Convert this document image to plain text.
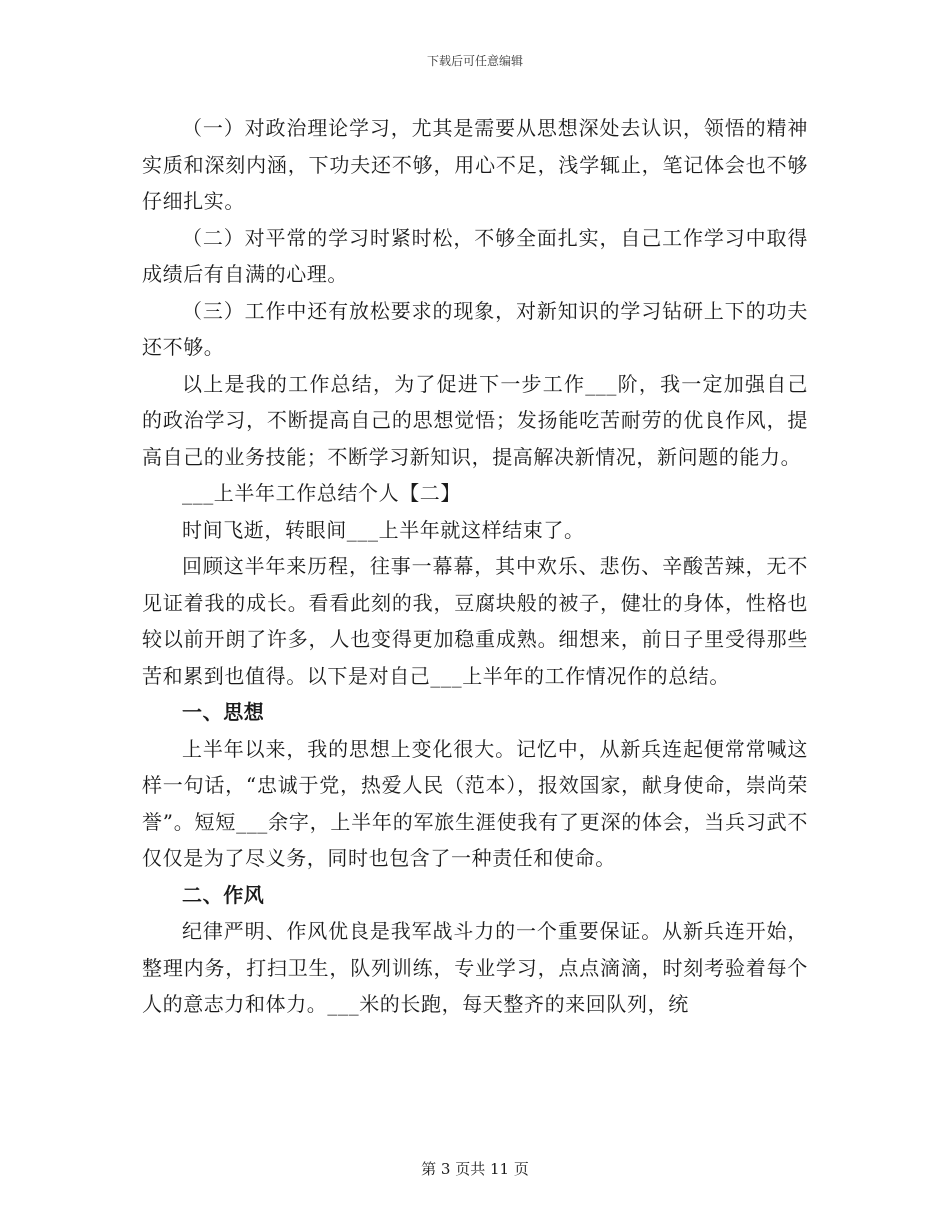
下载后可任意编辑

（一）对政治理论学习，尤其是需要从思想深处去认识，领悟的精神实质和深刻内涵，下功夫还不够，用心不足，浅学辄止，笔记体会也不够仔细扎实。

（二）对平常的学习时紧时松，不够全面扎实，自己工作学习中取得成绩后有自满的心理。

（三）工作中还有放松要求的现象，对新知识的学习钻研上下的功夫还不够。

以上是我的工作总结，为了促进下一步工作___阶，我一定加强自己的政治学习，不断提高自己的思想觉悟；发扬能吃苦耐劳的优良作风，提高自己的业务技能；不断学习新知识，提高解决新情况，新问题的能力。

___上半年工作总结个人【二】

时间飞逝，转眼间___上半年就这样结束了。

回顾这半年来历程，往事一幕幕，其中欢乐、悲伤、辛酸苦辣，无不见证着我的成长。看看此刻的我，豆腐块般的被子，健壮的身体，性格也较以前开朗了许多，人也变得更加稳重成熟。细想来，前日子里受得那些苦和累到也值得。以下是对自己___上半年的工作情况作的总结。

一、思想

上半年以来，我的思想上变化很大。记忆中，从新兵连起便常常喊这样一句话，“忠诚于党，热爱人民（范本），报效国家，献身使命，崇尚荣誉”。短短___余字，上半年的军旅生涯使我有了更深的体会，当兵习武不仅仅是为了尽义务，同时也包含了一种责任和使命。

二、作风

纪律严明、作风优良是我军战斗力的一个重要保证。从新兵连开始，整理内务，打扫卫生，队列训练，专业学习，点点滴滴，时刻考验着每个人的意志力和体力。___米的长跑，每天整齐的来回队列，统

第 3 页共 11 页
